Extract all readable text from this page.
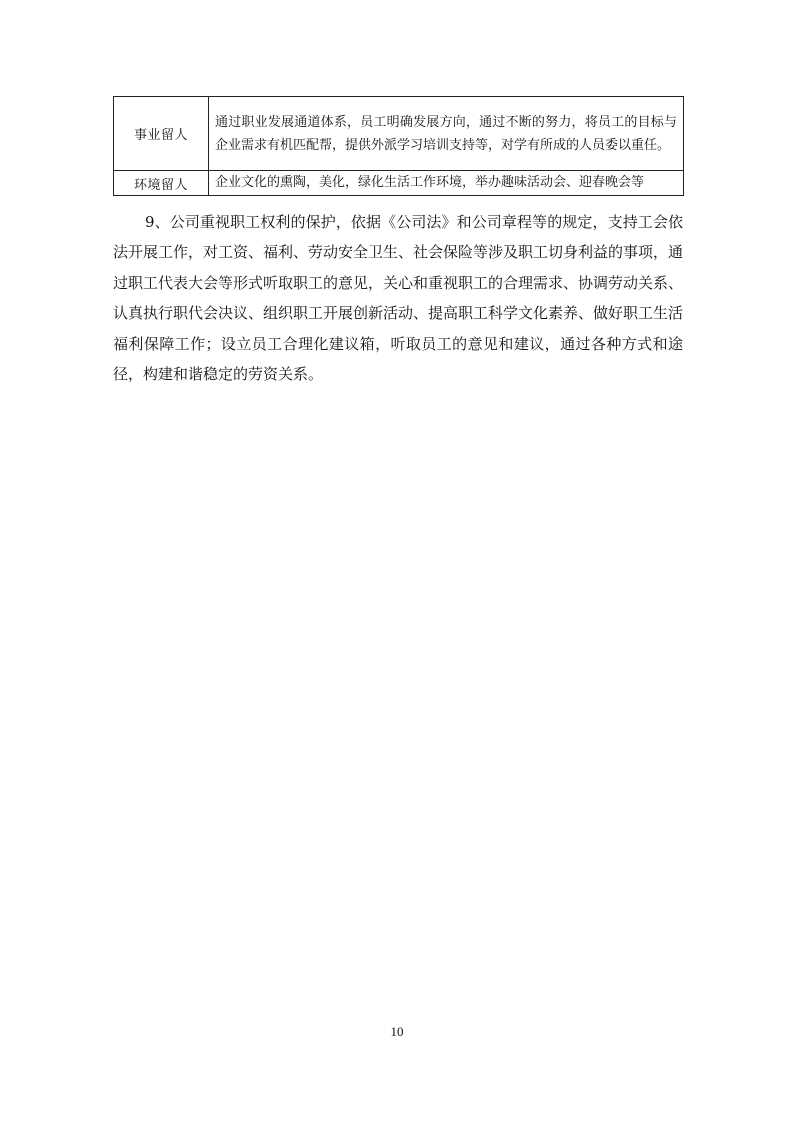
事业留人	通过职业发展通道体系，员工明确发展方向，通过不断的努力，将员工的目标与企业需求有机匹配帮，提供外派学习培训支持等，对学有所成的人员委以重任。
环境留人	企业文化的熏陶，美化，绿化生活工作环境，举办趣味活动会、迎春晚会等

9、公司重视职工权利的保护，依据《公司法》和公司章程等的规定，支持工会依法开展工作，对工资、福利、劳动安全卫生、社会保险等涉及职工切身利益的事项，通过职工代表大会等形式听取职工的意见，关心和重视职工的合理需求、协调劳动关系、认真执行职代会决议、组织职工开展创新活动、提高职工科学文化素养、做好职工生活福利保障工作；设立员工合理化建议箱，听取员工的意见和建议，通过各种方式和途径，构建和谐稳定的劳资关系。

10
